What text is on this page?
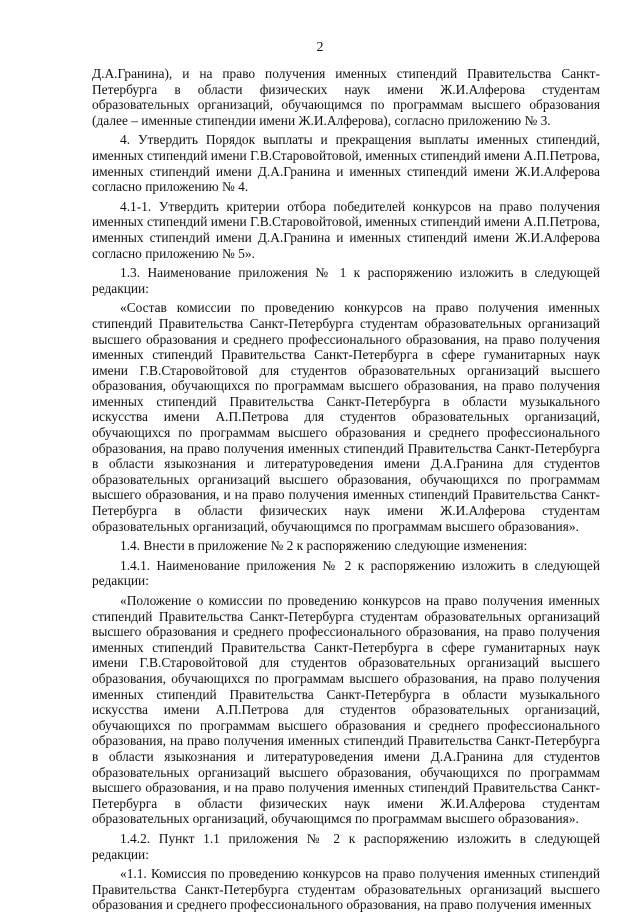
2

Д.А.Гранина), и на право получения именных стипендий Правительства Санкт-Петербурга в области физических наук имени Ж.И.Алферова студентам образовательных организаций, обучающимся по программам высшего образования (далее – именные стипендии имени Ж.И.Алферова), согласно приложению № 3.

4. Утвердить Порядок выплаты и прекращения выплаты именных стипендий, именных стипендий имени Г.В.Старовойтовой, именных стипендий имени А.П.Петрова, именных стипендий имени Д.А.Гранина и именных стипендий имени Ж.И.Алферова согласно приложению № 4.

4.1-1. Утвердить критерии отбора победителей конкурсов на право получения именных стипендий имени Г.В.Старовойтовой, именных стипендий имени А.П.Петрова, именных стипендий имени Д.А.Гранина и именных стипендий имени Ж.И.Алферова согласно приложению № 5».

1.3. Наименование приложения № 1 к распоряжению изложить в следующей редакции:

«Состав комиссии по проведению конкурсов на право получения именных стипендий Правительства Санкт-Петербурга студентам образовательных организаций высшего образования и среднего профессионального образования, на право получения именных стипендий Правительства Санкт-Петербурга в сфере гуманитарных наук имени Г.В.Старовойтовой для студентов образовательных организаций высшего образования, обучающихся по программам высшего образования, на право получения именных стипендий Правительства Санкт-Петербурга в области музыкального искусства имени А.П.Петрова для студентов образовательных организаций, обучающихся по программам высшего образования и среднего профессионального образования, на право получения именных стипендий Правительства Санкт-Петербурга в области языкознания и литературоведения имени Д.А.Гранина для студентов образовательных организаций высшего образования, обучающихся по программам высшего образования, и на право получения именных стипендий Правительства Санкт-Петербурга в области физических наук имени Ж.И.Алферова студентам образовательных организаций, обучающимся по программам высшего образования».

1.4. Внести в приложение № 2 к распоряжению следующие изменения:

1.4.1. Наименование приложения № 2 к распоряжению изложить в следующей редакции:

«Положение о комиссии по проведению конкурсов на право получения именных стипендий Правительства Санкт-Петербурга студентам образовательных организаций высшего образования и среднего профессионального образования, на право получения именных стипендий Правительства Санкт-Петербурга в сфере гуманитарных наук имени Г.В.Старовойтовой для студентов образовательных организаций высшего образования, обучающихся по программам высшего образования, на право получения именных стипендий Правительства Санкт-Петербурга в области музыкального искусства имени А.П.Петрова для студентов образовательных организаций, обучающихся по программам высшего образования и среднего профессионального образования, на право получения именных стипендий Правительства Санкт-Петербурга в области языкознания и литературоведения имени Д.А.Гранина для студентов образовательных организаций высшего образования, обучающихся по программам высшего образования, и на право получения именных стипендий Правительства Санкт-Петербурга в области физических наук имени Ж.И.Алферова студентам образовательных организаций, обучающимся по программам высшего образования».

1.4.2. Пункт 1.1 приложения № 2 к распоряжению изложить в следующей редакции:

«1.1. Комиссия по проведению конкурсов на право получения именных стипендий Правительства Санкт-Петербурга студентам образовательных организаций высшего образования и среднего профессионального образования, на право получения именных
